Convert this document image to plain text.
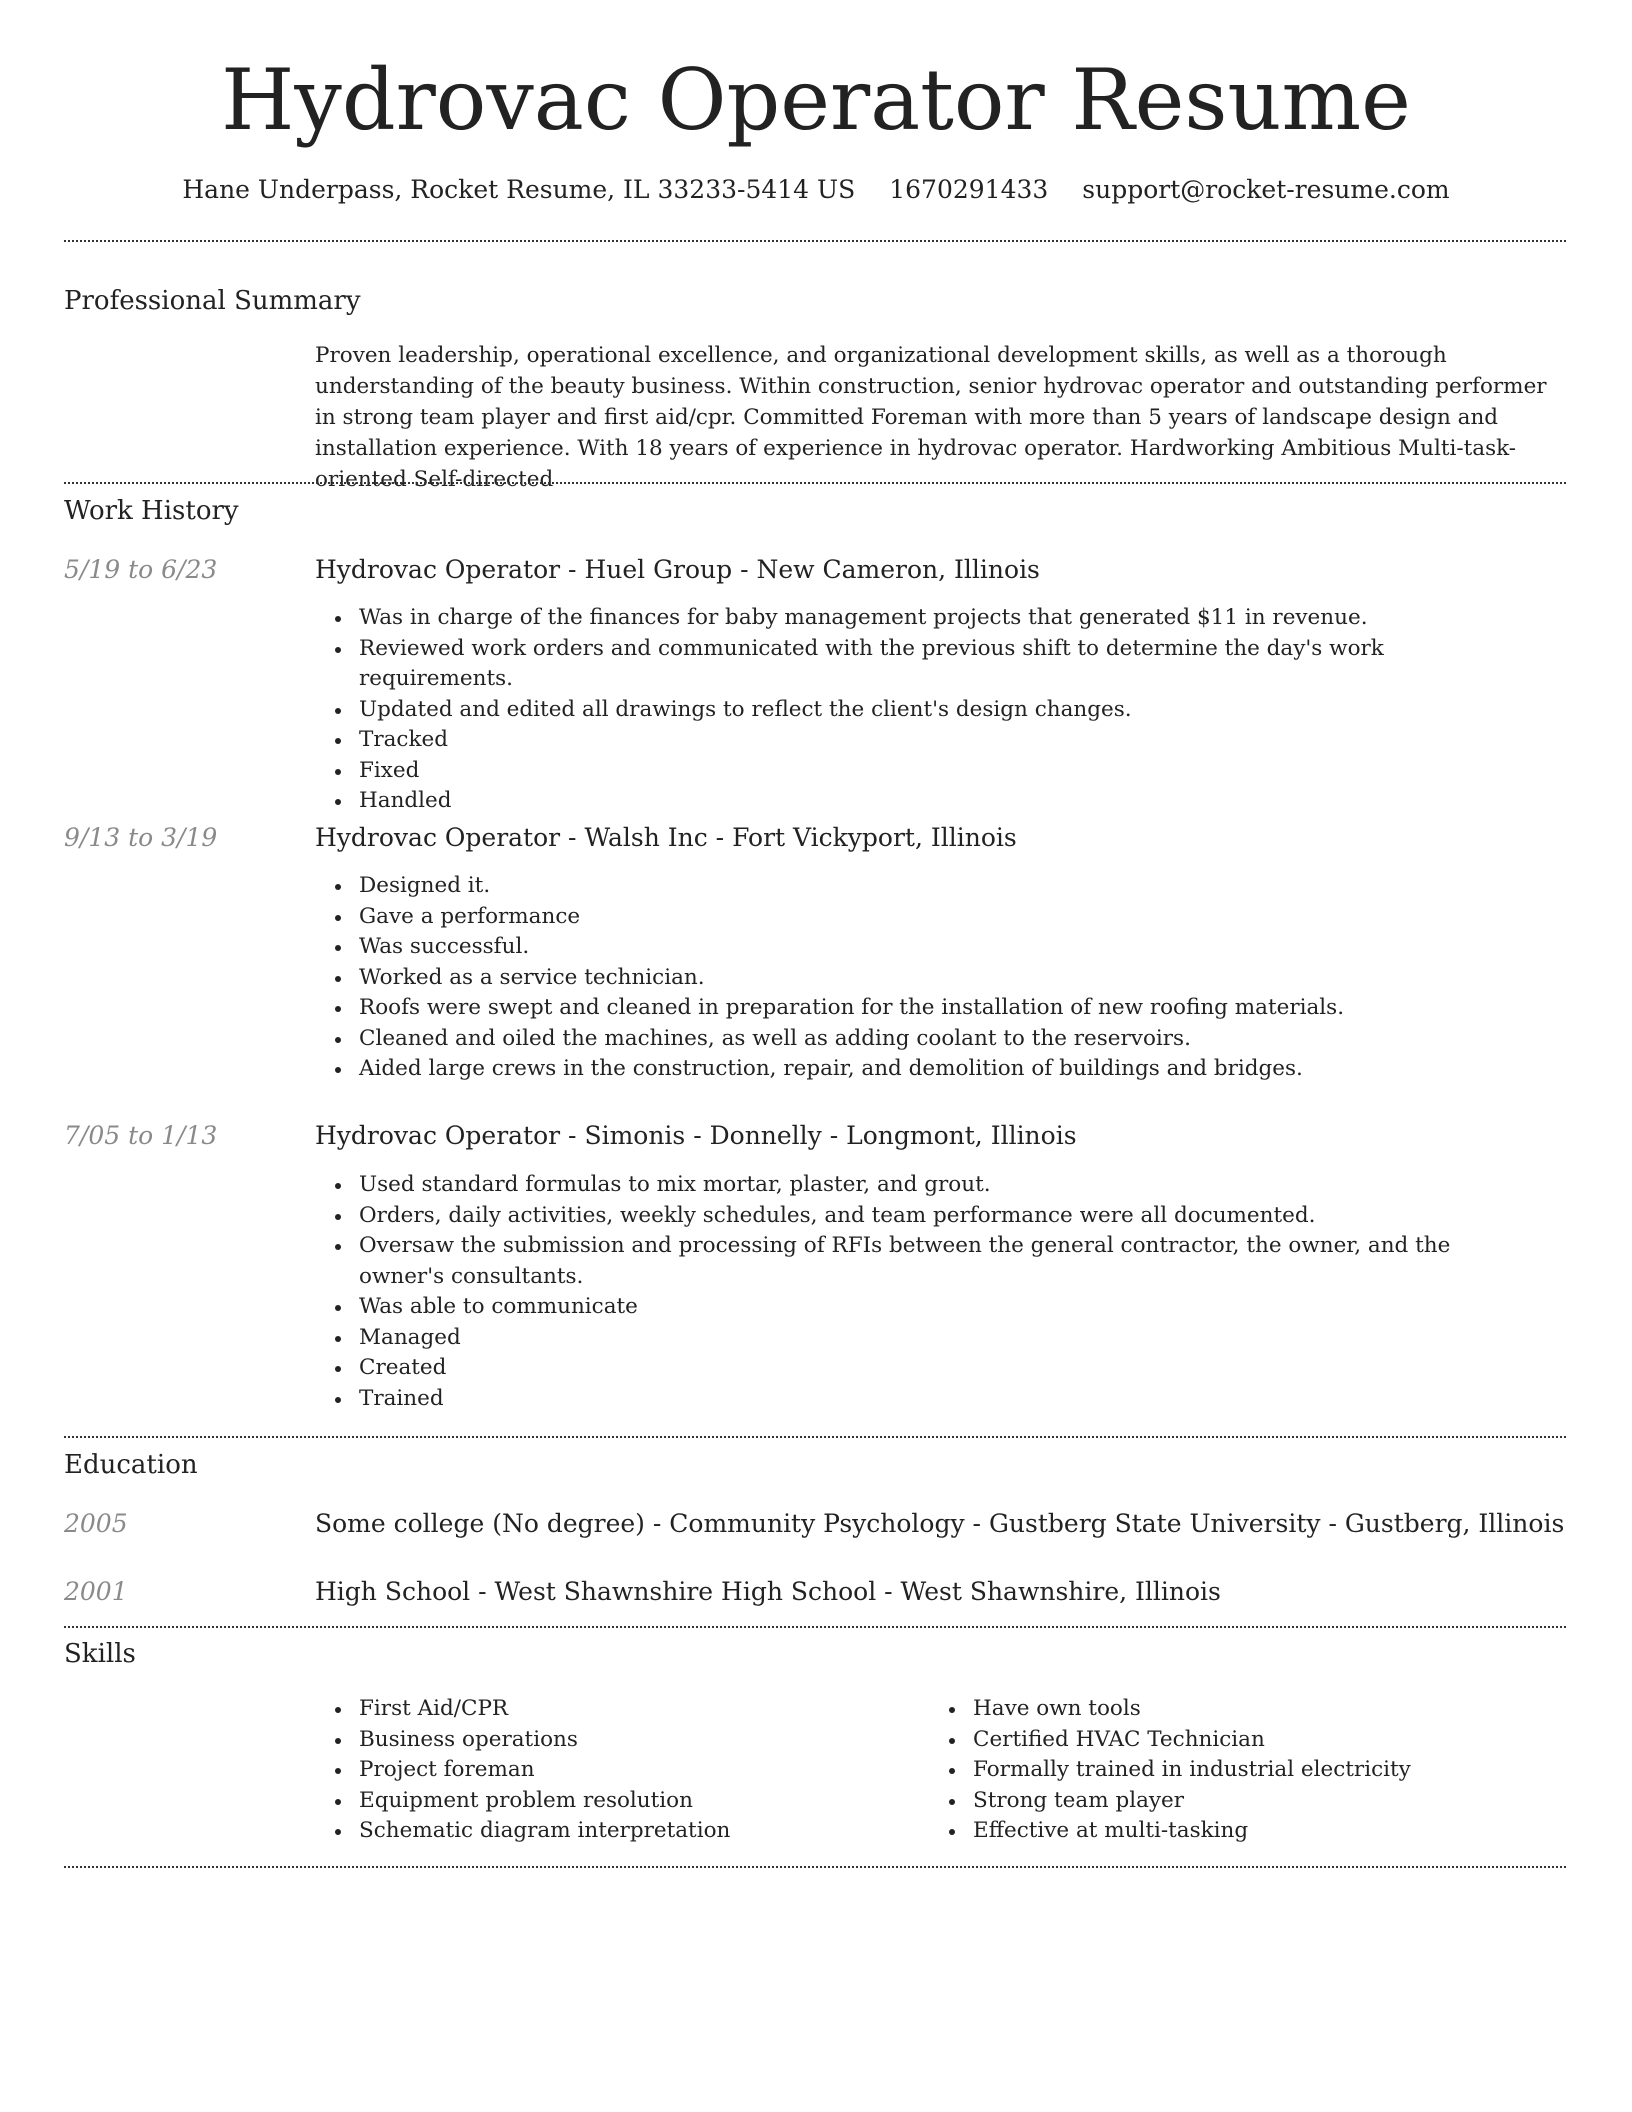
Hydrovac Operator Resume
Hane Underpass, Rocket Resume, IL 33233-5414 US 1670291433 support@rocket-resume.com
Professional Summary
Proven leadership, operational excellence, and organizational development skills, as well as a thorough understanding of the beauty business. Within construction, senior hydrovac operator and outstanding performer in strong team player and first aid/cpr. Committed Foreman with more than 5 years of landscape design and installation experience. With 18 years of experience in hydrovac operator. Hardworking Ambitious Multi-task-oriented Self-directed
Work History
5/19 to 6/23	Hydrovac Operator - Huel Group - New Cameron, Illinois
Was in charge of the finances for baby management projects that generated $11 in revenue.
Reviewed work orders and communicated with the previous shift to determine the day's work requirements.
Updated and edited all drawings to reflect the client's design changes.
Tracked
Fixed
Handled
9/13 to 3/19	Hydrovac Operator - Walsh Inc - Fort Vickyport, Illinois
Designed it.
Gave a performance
Was successful.
Worked as a service technician.
Roofs were swept and cleaned in preparation for the installation of new roofing materials.
Cleaned and oiled the machines, as well as adding coolant to the reservoirs.
Aided large crews in the construction, repair, and demolition of buildings and bridges.
7/05 to 1/13	Hydrovac Operator - Simonis - Donnelly - Longmont, Illinois
Used standard formulas to mix mortar, plaster, and grout.
Orders, daily activities, weekly schedules, and team performance were all documented.
Oversaw the submission and processing of RFIs between the general contractor, the owner, and the owner's consultants.
Was able to communicate
Managed
Created
Trained
Education
2005	Some college (No degree) - Community Psychology - Gustberg State University - Gustberg, Illinois
2001	High School - West Shawnshire High School - West Shawnshire, Illinois
Skills
First Aid/CPR
Business operations
Project foreman
Equipment problem resolution
Schematic diagram interpretation
Have own tools
Certified HVAC Technician
Formally trained in industrial electricity
Strong team player
Effective at multi-tasking
